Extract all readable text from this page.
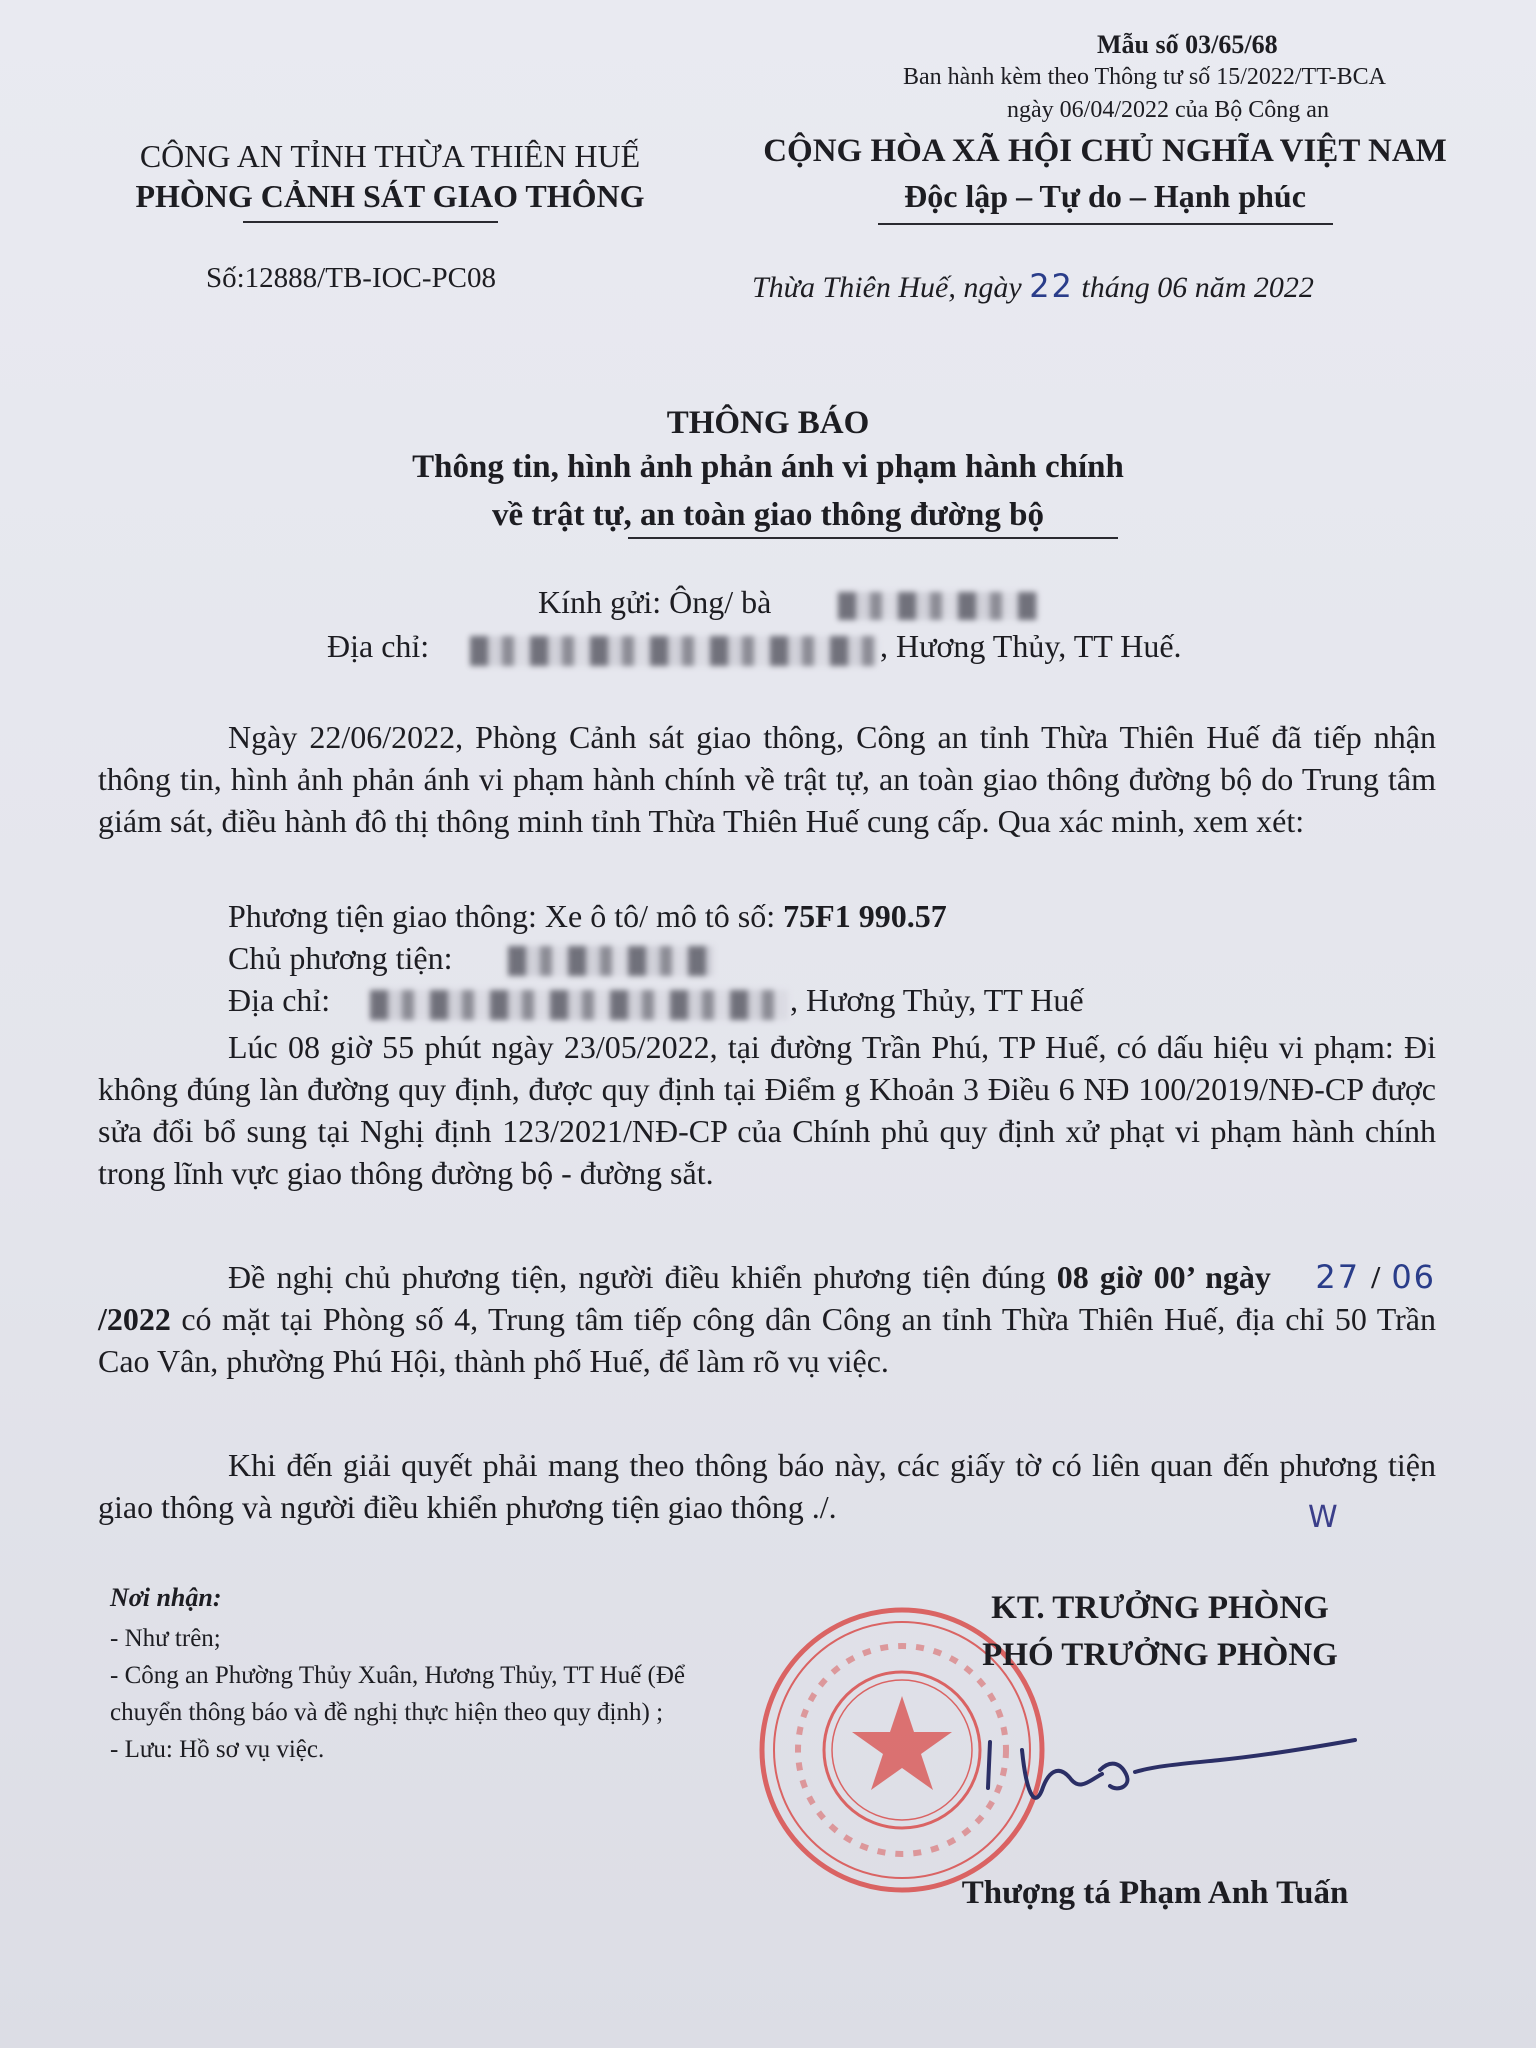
Mẫu số 03/65/68
Ban hành kèm theo Thông tư số 15/2022/TT-BCA
ngày 06/04/2022 của Bộ Công an
CÔNG AN TỈNH THỪA THIÊN HUẾ
PHÒNG CẢNH SÁT GIAO THÔNG
Số:12888/TB-IOC-PC08
CỘNG HÒA XÃ HỘI CHỦ NGHĨA VIỆT NAM
Độc lập – Tự do – Hạnh phúc
Thừa Thiên Huế, ngày 22 tháng 06 năm 2022

THÔNG BÁO
Thông tin, hình ảnh phản ánh vi phạm hành chính
về trật tự, an toàn giao thông đường bộ
Kính gửi: Ông/ bà
Địa chỉ:	, Hương Thủy, TT Huế.

Ngày 22/06/2022, Phòng Cảnh sát giao thông, Công an tỉnh Thừa Thiên Huế đã tiếp nhận thông tin, hình ảnh phản ánh vi phạm hành chính về trật tự, an toàn giao thông đường bộ do Trung tâm giám sát, điều hành đô thị thông minh tỉnh Thừa Thiên Huế cung cấp. Qua xác minh, xem xét:

Phương tiện giao thông: Xe ô tô/ mô tô số: 75F1 990.57
Chủ phương tiện:
Địa chỉ:	, Hương Thủy, TT Huế

Lúc 08 giờ 55 phút ngày 23/05/2022, tại đường Trần Phú, TP Huế, có dấu hiệu vi phạm: Đi không đúng làn đường quy định, được quy định tại Điểm g Khoản 3 Điều 6 NĐ 100/2019/NĐ-CP được sửa đổi bổ sung tại Nghị định 123/2021/NĐ-CP của Chính phủ quy định xử phạt vi phạm hành chính trong lĩnh vực giao thông đường bộ - đường sắt.

Đề nghị chủ phương tiện, người điều khiển phương tiện đúng 08 giờ 00’ ngày 27 / 06 /2022 có mặt tại Phòng số 4, Trung tâm tiếp công dân Công an tỉnh Thừa Thiên Huế, địa chỉ 50 Trần Cao Vân, phường Phú Hội, thành phố Huế, để làm rõ vụ việc.

Khi đến giải quyết phải mang theo thông báo này, các giấy tờ có liên quan đến phương tiện giao thông và người điều khiển phương tiện giao thông ./.	W
Nơi nhận:
- Như trên;
- Công an Phường Thủy Xuân, Hương Thủy, TT Huế (Để chuyển thông báo và đề nghị thực hiện theo quy định) ;
- Lưu: Hồ sơ vụ việc.
KT. TRƯỞNG PHÒNG
PHÓ TRƯỞNG PHÒNG
Thượng tá Phạm Anh Tuấn
